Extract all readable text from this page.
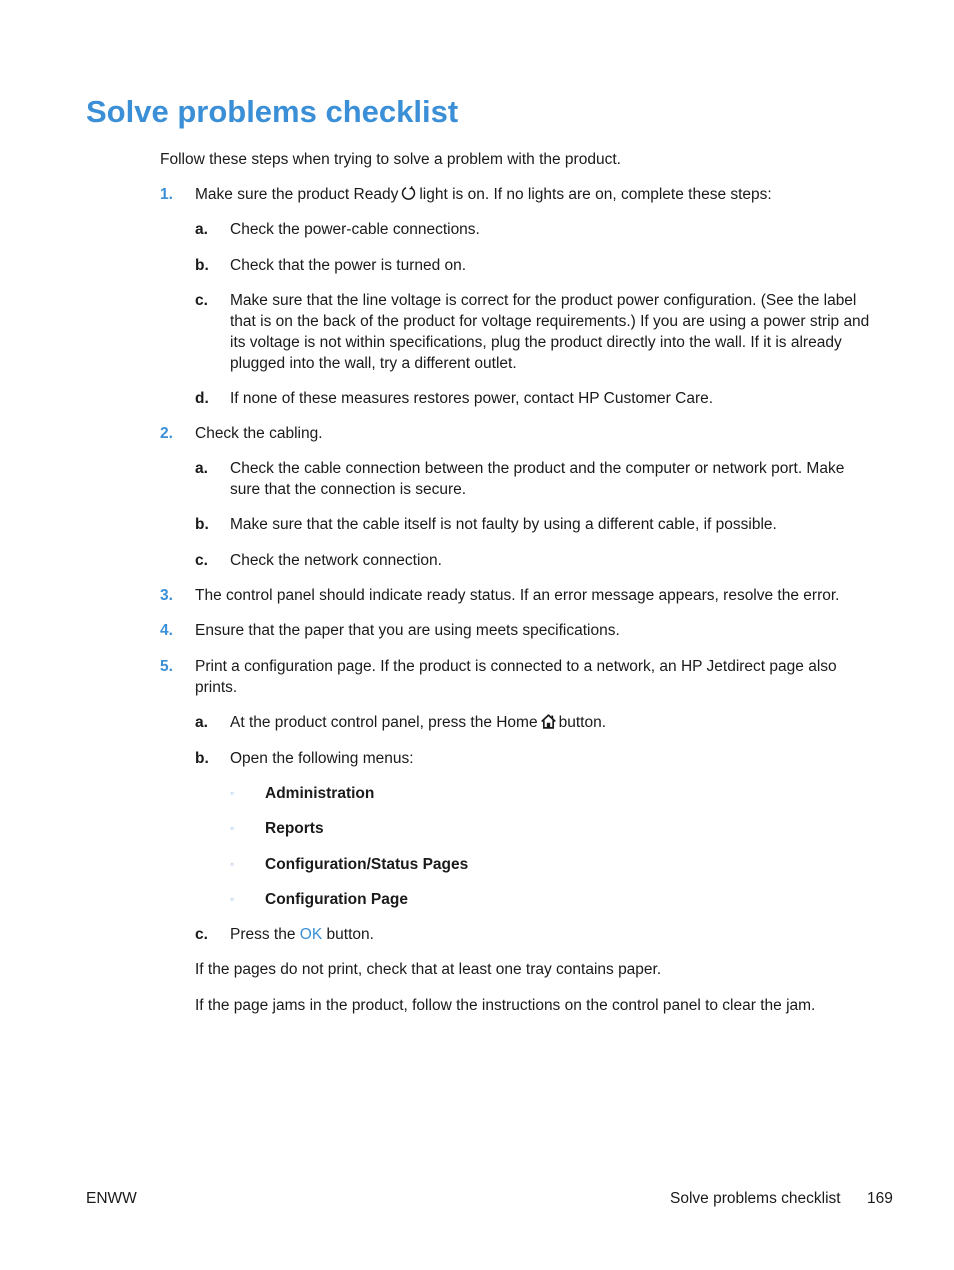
Solve problems checklist

Follow these steps when trying to solve a problem with the product.

1. Make sure the product Ready light is on. If no lights are on, complete these steps:
a. Check the power-cable connections.
b. Check that the power is turned on.
c. Make sure that the line voltage is correct for the product power configuration. (See the label that is on the back of the product for voltage requirements.) If you are using a power strip and its voltage is not within specifications, plug the product directly into the wall. If it is already plugged into the wall, try a different outlet.
d. If none of these measures restores power, contact HP Customer Care.
2. Check the cabling.
a. Check the cable connection between the product and the computer or network port. Make sure that the connection is secure.
b. Make sure that the cable itself is not faulty by using a different cable, if possible.
c. Check the network connection.
3. The control panel should indicate ready status. If an error message appears, resolve the error.
4. Ensure that the paper that you are using meets specifications.
5. Print a configuration page. If the product is connected to a network, an HP Jetdirect page also prints.
a. At the product control panel, press the Home button.
b. Open the following menus:
◦ Administration
◦ Reports
◦ Configuration/Status Pages
◦ Configuration Page
c. Press the OK button.

If the pages do not print, check that at least one tray contains paper.

If the page jams in the product, follow the instructions on the control panel to clear the jam.

ENWW	Solve problems checklist 169
